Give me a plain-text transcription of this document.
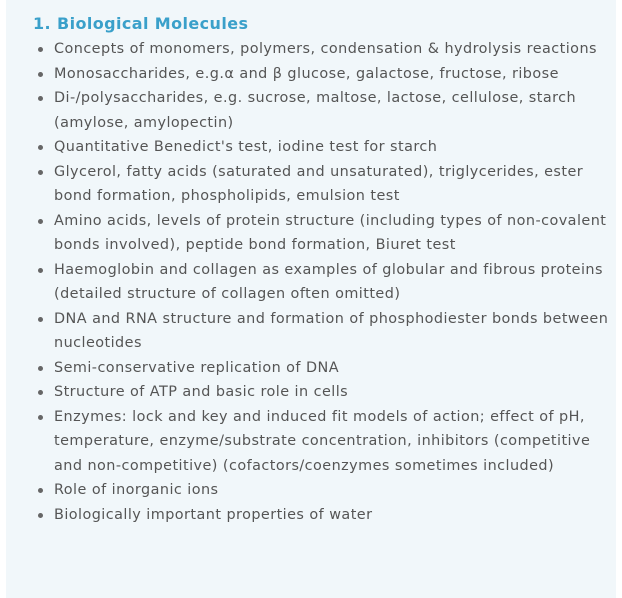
1. Biological Molecules
Concepts of monomers, polymers, condensation & hydrolysis reactions
Monosaccharides, e.g.α and β glucose, galactose, fructose, ribose
Di-/polysaccharides, e.g. sucrose, maltose, lactose, cellulose, starch (amylose, amylopectin)
Quantitative Benedict's test, iodine test for starch
Glycerol, fatty acids (saturated and unsaturated), triglycerides, ester bond formation, phospholipids, emulsion test
Amino acids, levels of protein structure (including types of non-covalent bonds involved), peptide bond formation, Biuret test
Haemoglobin and collagen as examples of globular and fibrous proteins (detailed structure of collagen often omitted)
DNA and RNA structure and formation of phosphodiester bonds between nucleotides
Semi-conservative replication of DNA
Structure of ATP and basic role in cells
Enzymes: lock and key and induced fit models of action; effect of pH, temperature, enzyme/substrate concentration, inhibitors (competitive and non-competitive) (cofactors/coenzymes sometimes included)
Role of inorganic ions
Biologically important properties of water
